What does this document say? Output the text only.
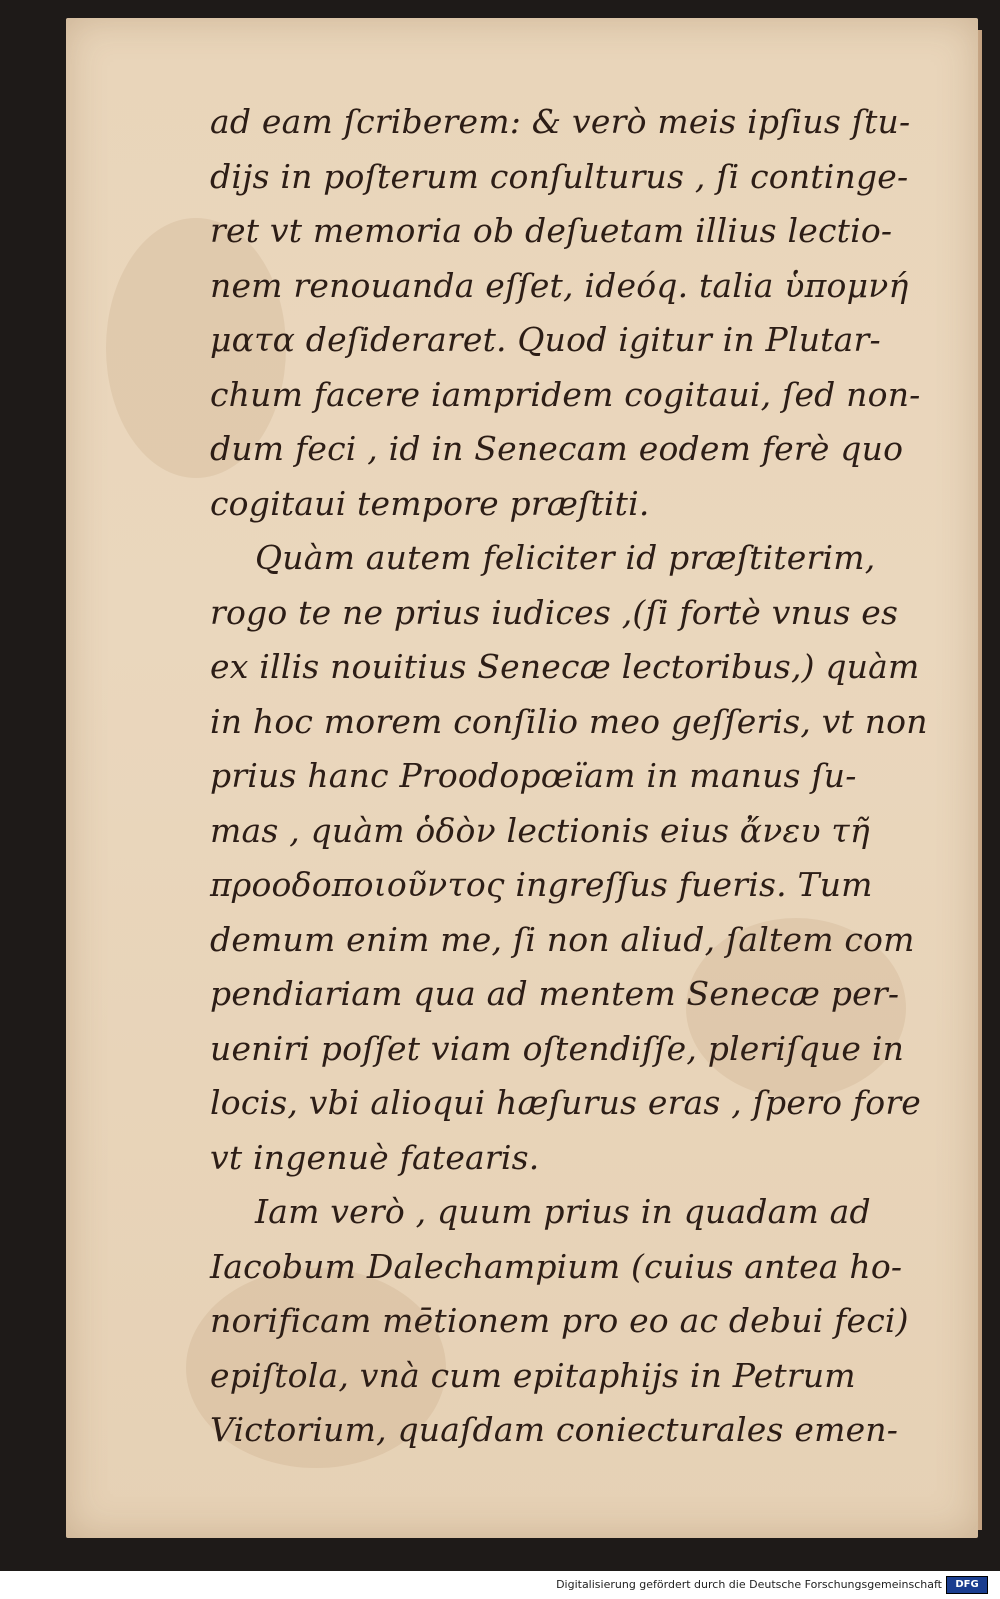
ad eam ſcriberem: & verò meis ipſius ſtu-
dijs in poſterum conſulturus , ſi continge-
ret vt memoria ob deſuetam illius lectio-
nem renouanda eſſet, ideóq. talia ὑπομνή
ματα deſideraret. Quod igitur in Plutar-
chum facere iampridem cogitaui, ſed non-
dum feci , id in Senecam eodem ferè quo
cogitaui tempore præſtiti.
Quàm autem feliciter id præſtiterim,
rogo te ne prius iudices ,(ſi fortè vnus es
ex illis nouitius Senecæ lectoribus,) quàm
in hoc morem conſilio meo geſſeris, vt non
prius hanc Proodopœïam in manus ſu-
mas , quàm ὁδὸν lectionis eius ἄνευ τῆ
προοδοποιοῦντος ingreſſus fueris. Tum
demum enim me, ſi non aliud, ſaltem com
pendiariam qua ad mentem Senecæ per-
ueniri poſſet viam oſtendiſſe, pleriſque in
locis, vbi alioqui hæſurus eras , ſpero fore
vt ingenuè fatearis.
Iam verò , quum prius in quadam ad
Iacobum Dalechampium (cuius antea ho-
norificam mētionem pro eo ac debui feci)
epiſtola, vnà cum epitaphijs in Petrum
Victorium, quaſdam coniecturales emen-
Digitalisierung gefördert durch die Deutsche Forschungsgemeinschaft	DFG
